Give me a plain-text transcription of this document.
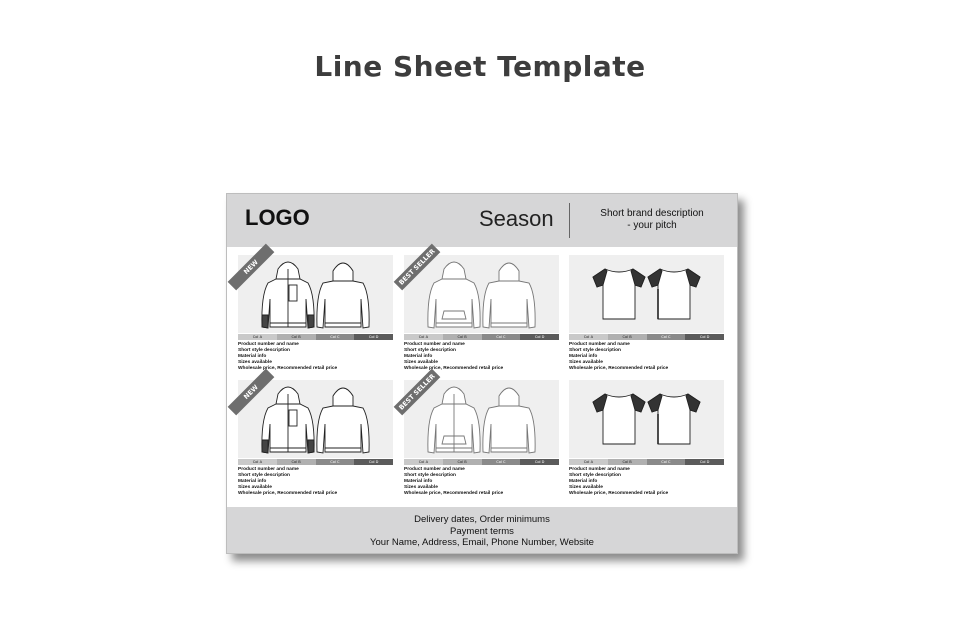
Line Sheet Template
LOGO	Season	Short brand description
- your pitch
NEW
Col A	Col B	Col C	Col D
Product number and name
Short style description
Material info
Sizes available
Wholesale price, Recommended retail price
BEST SELLER
Col A	Col B	Col C	Col D
Product number and name
Short style description
Material info
Sizes available
Wholesale price, Recommended retail price
Col A	Col B	Col C	Col D
Product number and name
Short style description
Material info
Sizes available
Wholesale price, Recommended retail price
NEW
Col A	Col B	Col C	Col D
Product number and name
Short style description
Material info
Sizes available
Wholesale price, Recommended retail price
BEST SELLER
Col A	Col B	Col C	Col D
Product number and name
Short style description
Material info
Sizes available
Wholesale price, Recommended retail price
Col A	Col B	Col C	Col D
Product number and name
Short style description
Material info
Sizes available
Wholesale price, Recommended retail price
Delivery dates, Order minimums
Payment terms
Your Name, Address, Email, Phone Number, Website
